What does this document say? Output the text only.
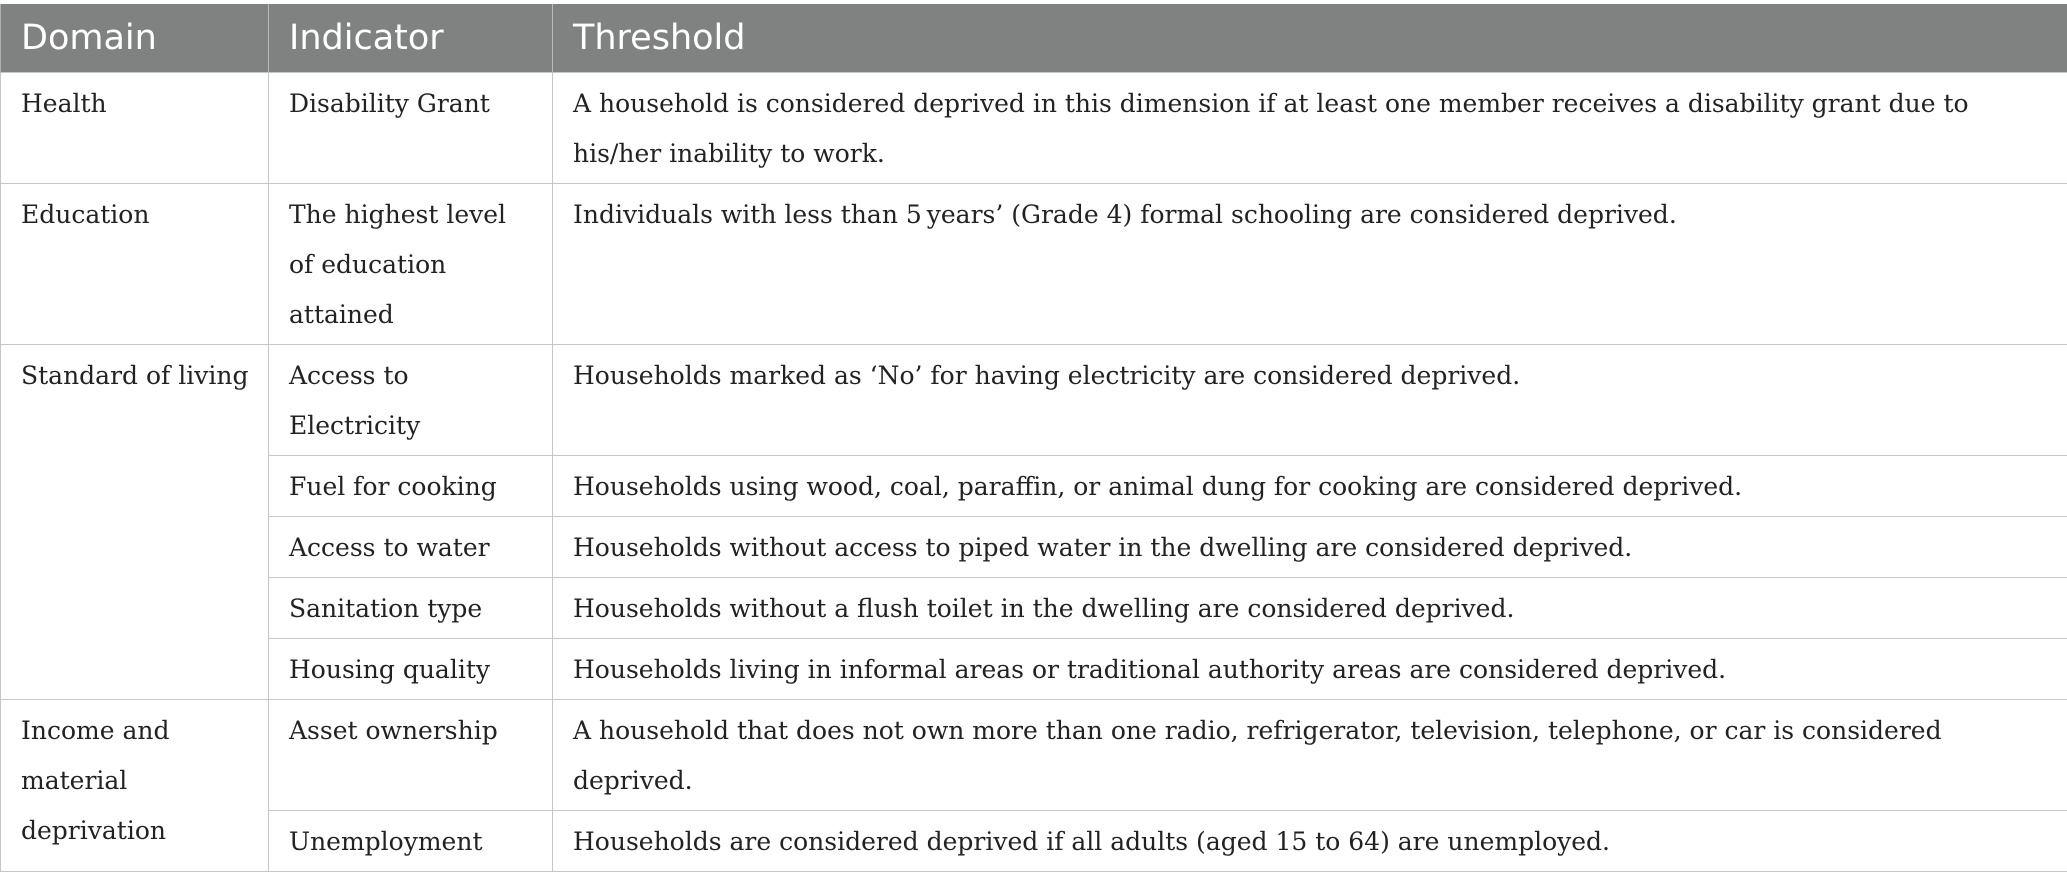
Domain	Indicator	Threshold
Health	Disability Grant	A household is considered deprived in this dimension if at least one member receives a disability grant due to his/her inability to work.
Education	The highest level of education attained	Individuals with less than 5 years’ (Grade 4) formal schooling are considered deprived.
Standard of living	Access to Electricity	Households marked as ‘No’ for having electricity are considered deprived.
	Fuel for cooking	Households using wood, coal, paraffin, or animal dung for cooking are considered deprived.
	Access to water	Households without access to piped water in the dwelling are considered deprived.
	Sanitation type	Households without a flush toilet in the dwelling are considered deprived.
	Housing quality	Households living in informal areas or traditional authority areas are considered deprived.
Income and material deprivation	Asset ownership	A household that does not own more than one radio, refrigerator, television, telephone, or car is considered deprived.
	Unemployment	Households are considered deprived if all adults (aged 15 to 64) are unemployed.
